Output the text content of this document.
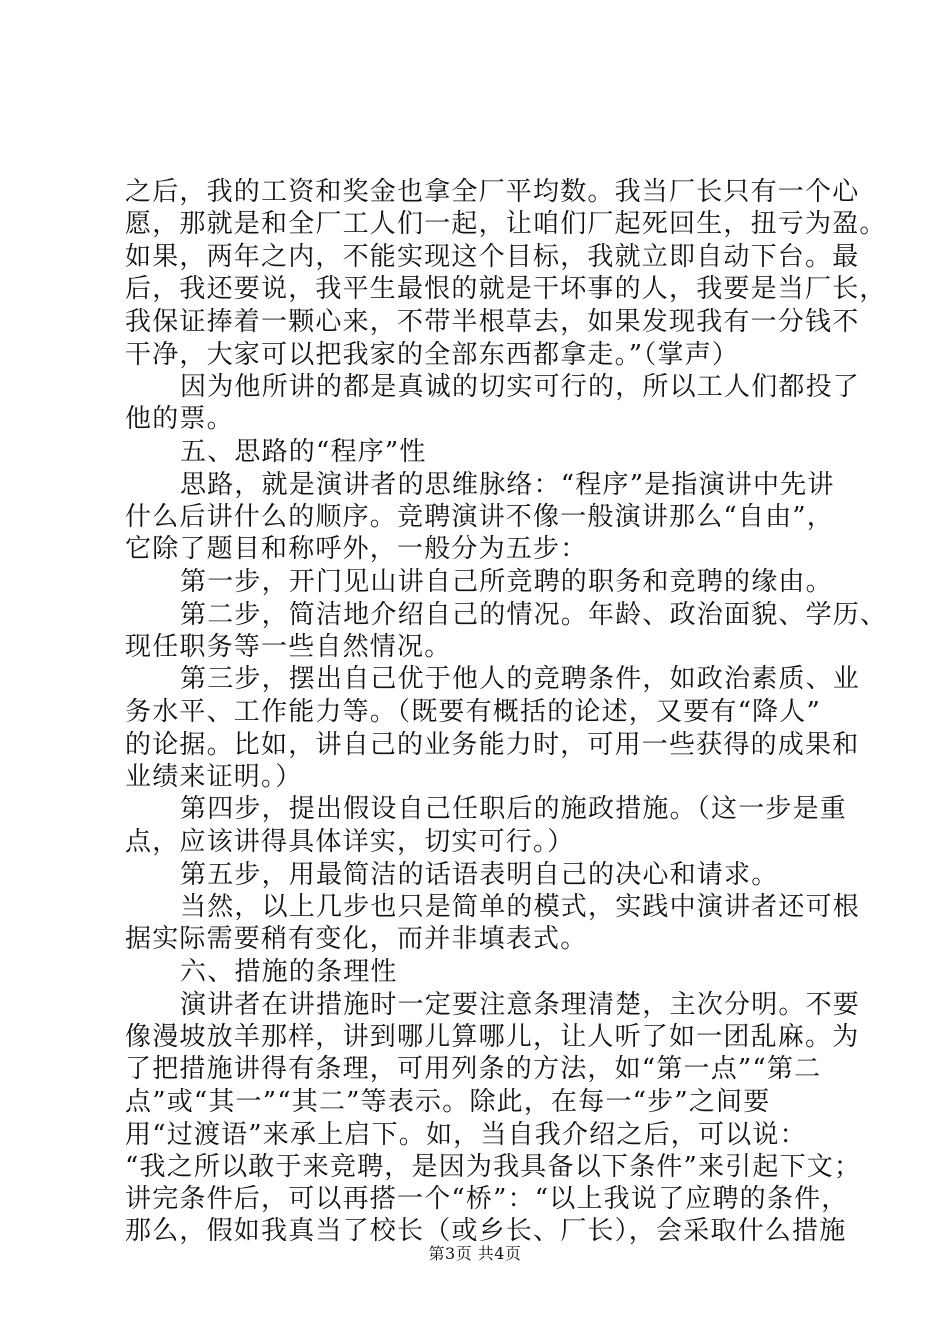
之后，我的工资和奖金也拿全厂平均数。我当厂长只有一个心
愿，那就是和全厂工人们一起，让咱们厂起死回生，扭亏为盈。
如果，两年之内，不能实现这个目标，我就立即自动下台。最
后，我还要说，我平生最恨的就是干坏事的人，我要是当厂长，
我保证捧着一颗心来，不带半根草去，如果发现我有一分钱不
干净，大家可以把我家的全部东西都拿走。”（掌声）
因为他所讲的都是真诚的切实可行的，所以工人们都投了
他的票。
五、思路的“程序”性
思路，就是演讲者的思维脉络：“程序”是指演讲中先讲
什么后讲什么的顺序。竞聘演讲不像一般演讲那么“自由”，
它除了题目和称呼外，一般分为五步：
第一步，开门见山讲自己所竞聘的职务和竞聘的缘由。
第二步，简洁地介绍自己的情况。年龄、政治面貌、学历、
现任职务等一些自然情况。
第三步，摆出自己优于他人的竞聘条件，如政治素质、业
务水平、工作能力等。（既要有概括的论述，又要有“降人”
的论据。比如，讲自己的业务能力时，可用一些获得的成果和
业绩来证明。）
第四步，提出假设自己任职后的施政措施。（这一步是重
点，应该讲得具体详实，切实可行。）
第五步，用最简洁的话语表明自己的决心和请求。
当然，以上几步也只是简单的模式，实践中演讲者还可根
据实际需要稍有变化，而并非填表式。
六、措施的条理性
演讲者在讲措施时一定要注意条理清楚，主次分明。不要
像漫坡放羊那样，讲到哪儿算哪儿，让人听了如一团乱麻。为
了把措施讲得有条理，可用列条的方法，如“第一点”“第二
点”或“其一”“其二”等表示。除此，在每一“步”之间要
用“过渡语”来承上启下。如，当自我介绍之后，可以说：
“我之所以敢于来竞聘，是因为我具备以下条件”来引起下文；
讲完条件后，可以再搭一个“桥”：“以上我说了应聘的条件，
那么，假如我真当了校长（或乡长、厂长），会采取什么措施
第3页 共4页
